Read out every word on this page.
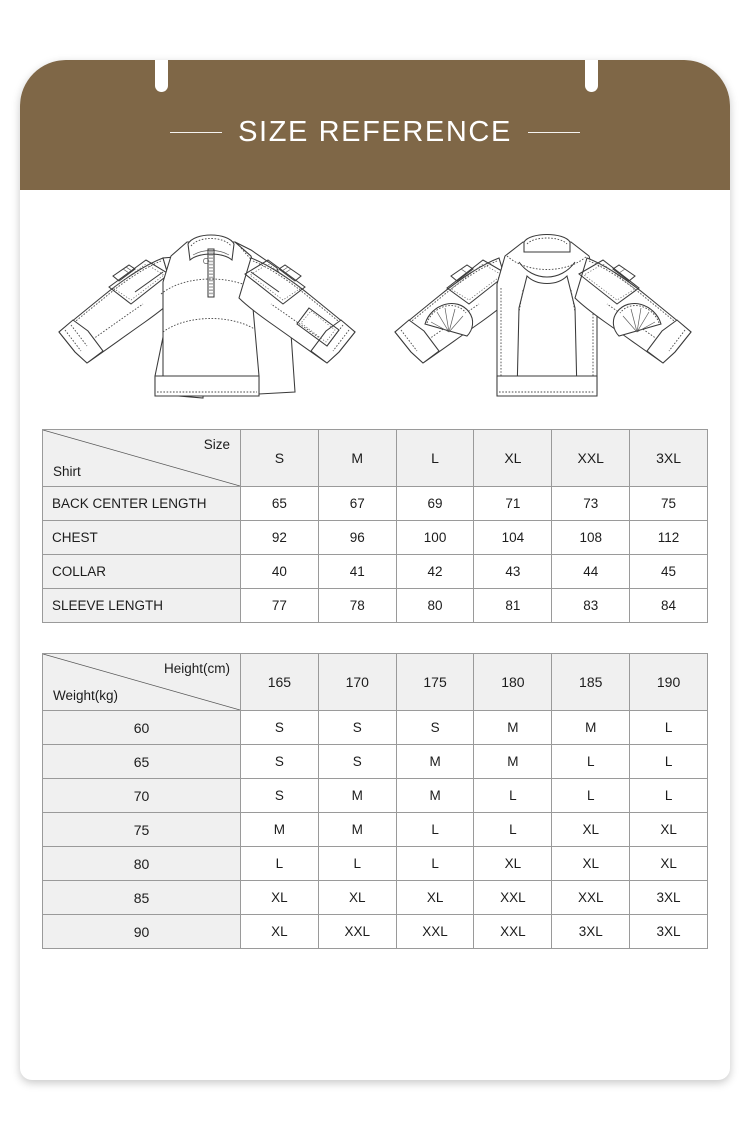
SIZE REFERENCE
Size
Shirt	S	M	L	XL	XXL	3XL
BACK CENTER LENGTH	65	67	69	71	73	75
CHEST	92	96	100	104	108	112
COLLAR	40	41	42	43	44	45
SLEEVE LENGTH	77	78	80	81	83	84
Height(cm)
Weight(kg)	165	170	175	180	185	190
60	S	S	S	M	M	L
65	S	S	M	M	L	L
70	S	M	M	L	L	L
75	M	M	L	L	XL	XL
80	L	L	L	XL	XL	XL
85	XL	XL	XL	XXL	XXL	3XL
90	XL	XXL	XXL	XXL	3XL	3XL
